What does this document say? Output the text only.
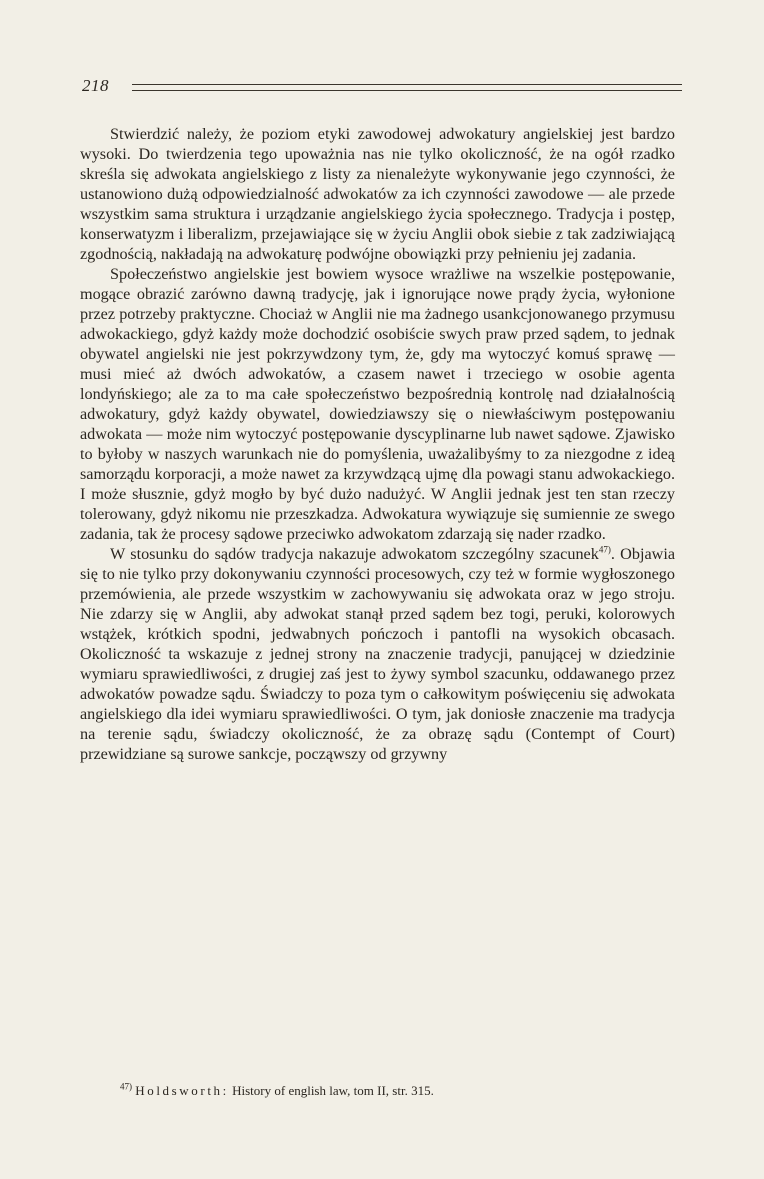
218

Stwierdzić należy, że poziom etyki zawodowej adwokatury angielskiej jest bardzo wysoki. Do twierdzenia tego upoważnia nas nie tylko okoliczność, że na ogół rzadko skreśla się adwokata angielskiego z listy za nienależyte wykonywanie jego czynności, że ustanowiono dużą odpowiedzialność adwokatów za ich czynności zawodowe — ale przede wszystkim sama struktura i urządzanie angielskiego życia społecznego. Tradycja i postęp, konserwatyzm i liberalizm, przejawiające się w życiu Anglii obok siebie z tak zadziwiającą zgodnością, nakładają na adwokaturę podwójne obowiązki przy pełnieniu jej zadania.

Społeczeństwo angielskie jest bowiem wysoce wrażliwe na wszelkie postępowanie, mogące obrazić zarówno dawną tradycję, jak i ignorujące nowe prądy życia, wyłonione przez potrzeby praktyczne. Chociaż w Anglii nie ma żadnego usankcjonowanego przymusu adwokackiego, gdyż każdy może dochodzić osobiście swych praw przed sądem, to jednak obywatel angielski nie jest pokrzywdzony tym, że, gdy ma wytoczyć komuś sprawę — musi mieć aż dwóch adwokatów, a czasem nawet i trzeciego w osobie agenta londyńskiego; ale za to ma całe społeczeństwo bezpośrednią kontrolę nad działalnością adwokatury, gdyż każdy obywatel, dowiedziawszy się o niewłaściwym postępowaniu adwokata — może nim wytoczyć postępowanie dyscyplinarne lub nawet sądowe. Zjawisko to byłoby w naszych warunkach nie do pomyślenia, uważalibyśmy to za niezgodne z ideą samorządu korporacji, a może nawet za krzywdzącą ujmę dla powagi stanu adwokackiego. I może słusznie, gdyż mogło by być dużo nadużyć. W Anglii jednak jest ten stan rzeczy tolerowany, gdyż nikomu nie przeszkadza. Adwokatura wywiązuje się sumiennie ze swego zadania, tak że procesy sądowe przeciwko adwokatom zdarzają się nader rzadko.

W stosunku do sądów tradycja nakazuje adwokatom szczególny szacunek$^{47)}$. Objawia się to nie tylko przy dokonywaniu czynności procesowych, czy też w formie wygłoszonego przemówienia, ale przede wszystkim w zachowywaniu się adwokata oraz w jego stroju. Nie zdarzy się w Anglii, aby adwokat stanął przed sądem bez togi, peruki, kolorowych wstążek, krótkich spodni, jedwabnych pończoch i pantofli na wysokich obcasach. Okoliczność ta wskazuje z jednej strony na znaczenie tradycji, panującej w dziedzinie wymiaru sprawiedliwości, z drugiej zaś jest to żywy symbol szacunku, oddawanego przez adwokatów powadze sądu. Świadczy to poza tym o całkowitym poświęceniu się adwokata angielskiego dla idei wymiaru sprawiedliwości. O tym, jak doniosłe znaczenie ma tradycja na terenie sądu, świadczy okoliczność, że za obrazę sądu (Contempt of Court) przewidziane są surowe sankcje, począwszy od grzywny

$^{47)}$ Holdsworth: History of english law, tom II, str. 315.
